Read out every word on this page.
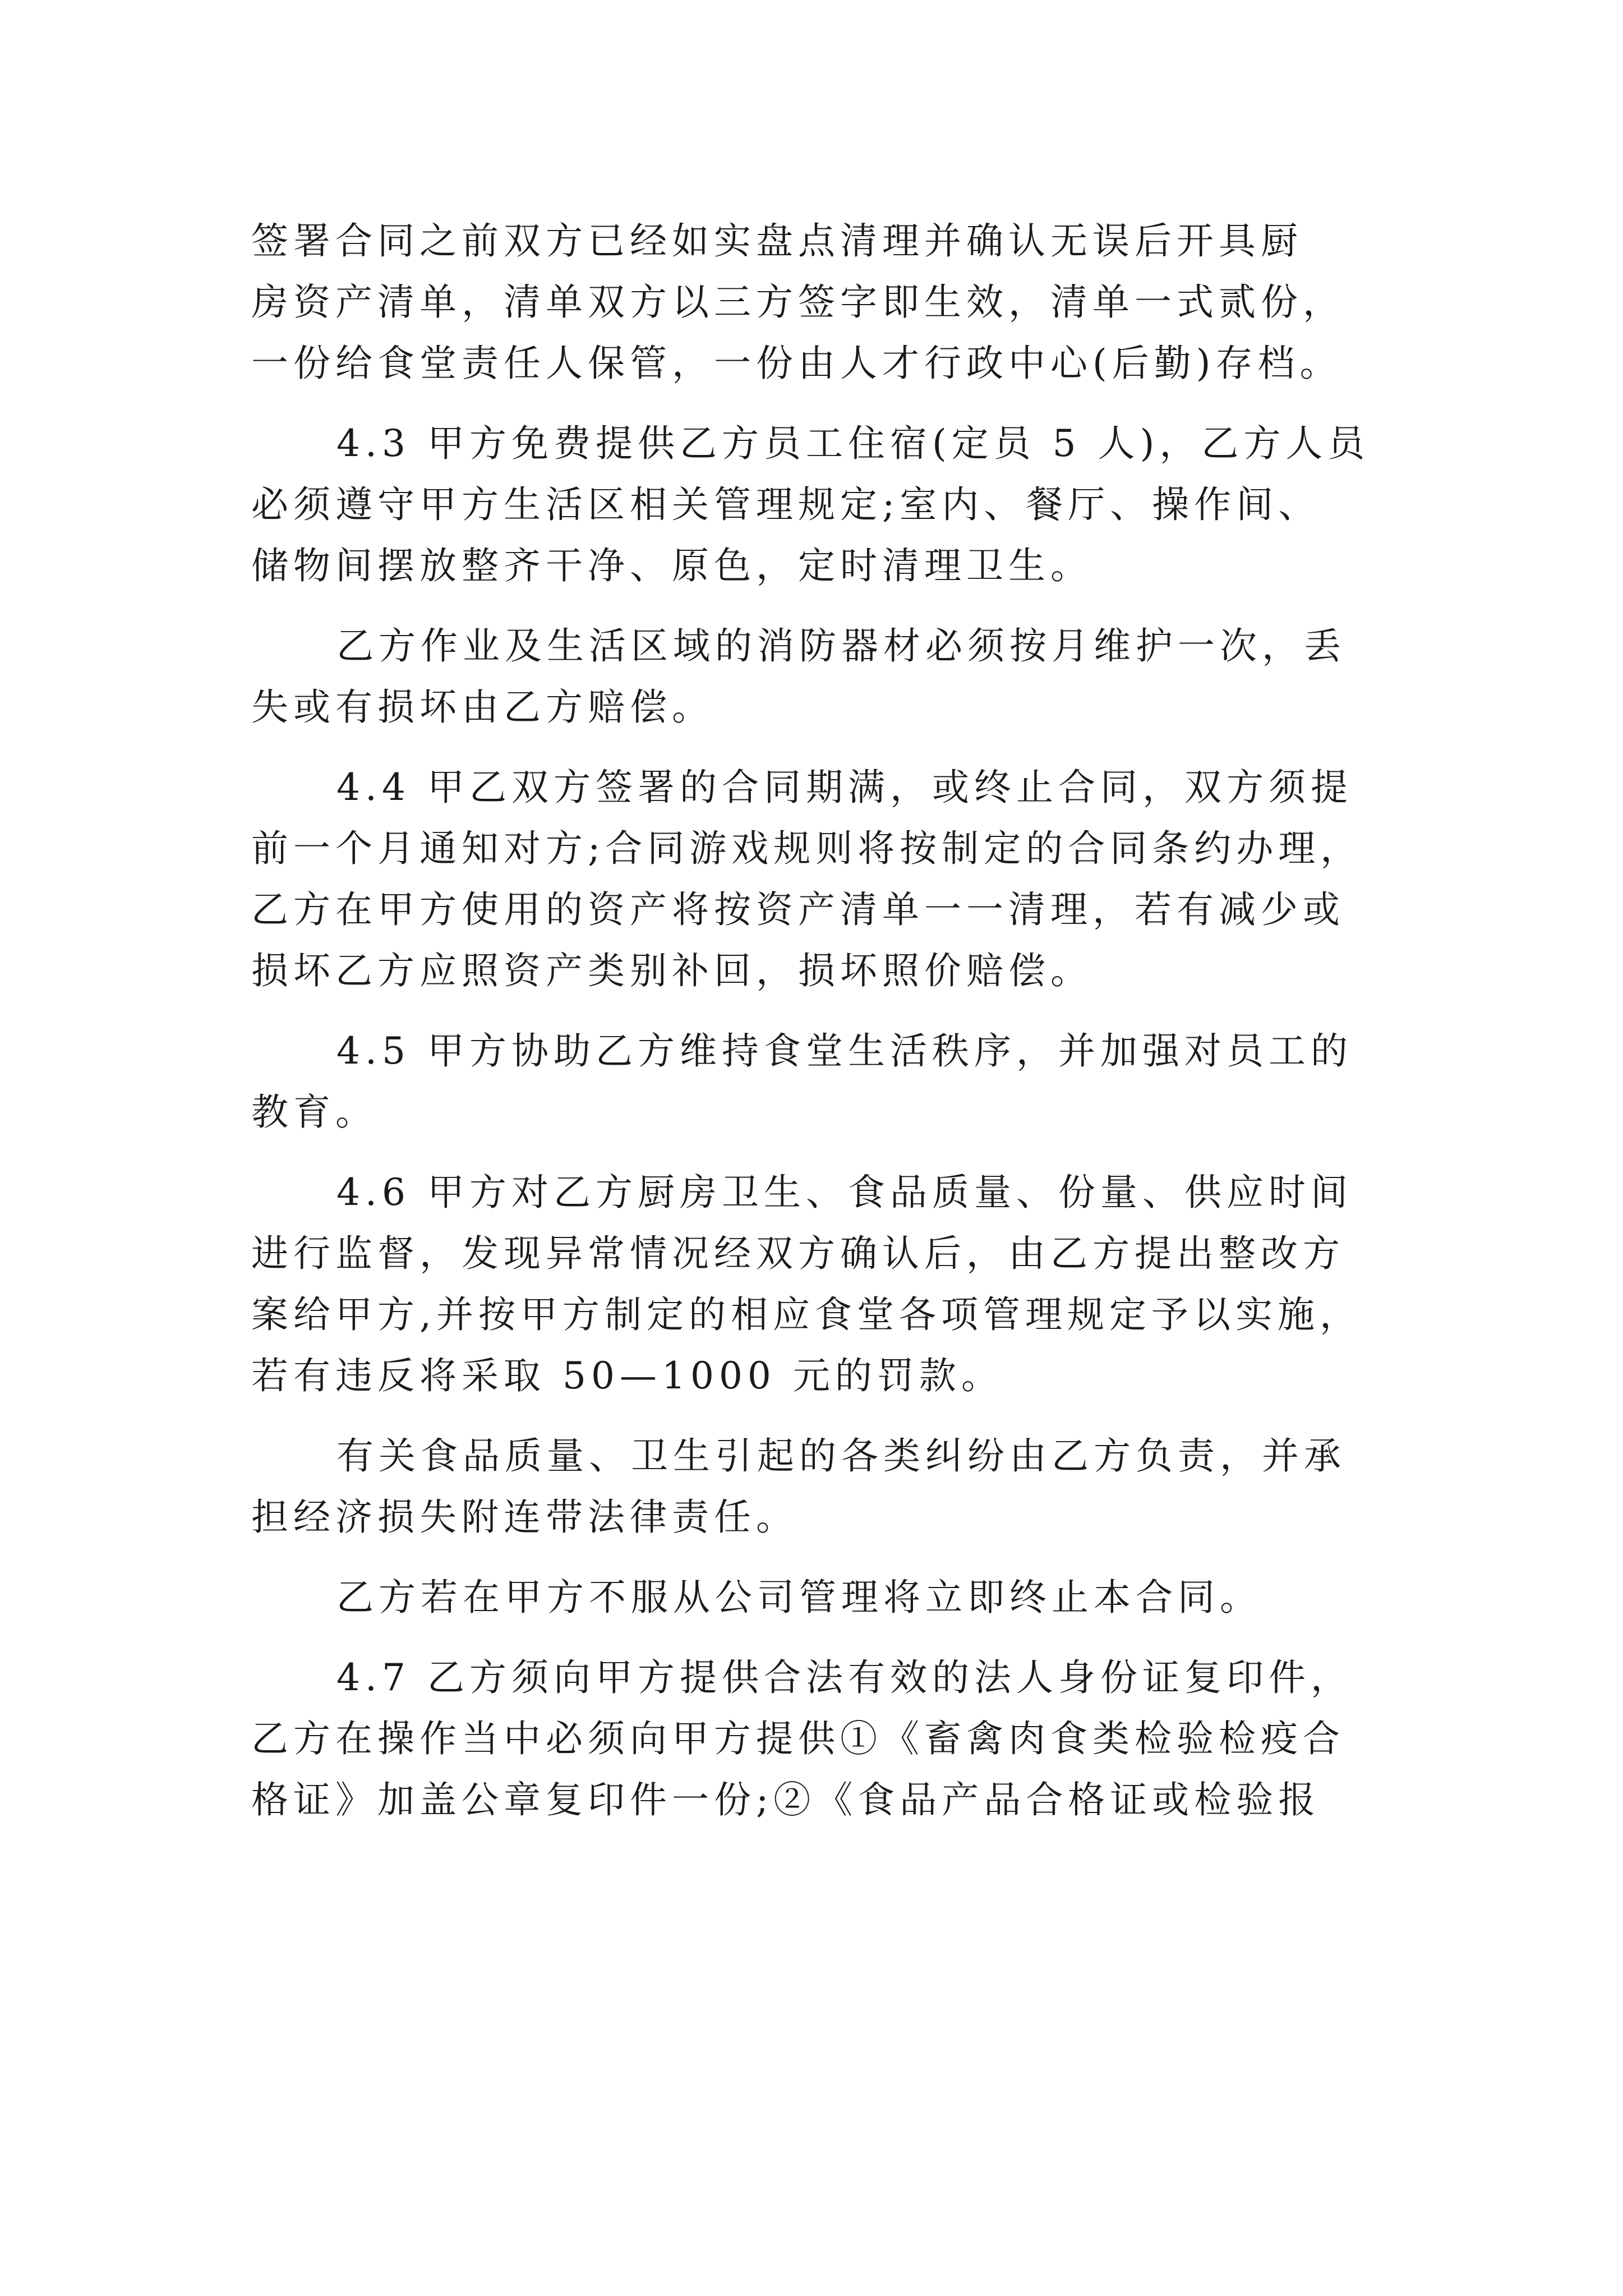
签署合同之前双方已经如实盘点清理并确认无误后开具厨

房资产清单，清单双方以三方签字即生效，清单一式贰份，

一份给食堂责任人保管，一份由人才行政中心(后勤)存档。

4.3 甲方免费提供乙方员工住宿(定员 5 人)，乙方人员

必须遵守甲方生活区相关管理规定;室内、餐厅、操作间、

储物间摆放整齐干净、原色，定时清理卫生。

乙方作业及生活区域的消防器材必须按月维护一次，丢

失或有损坏由乙方赔偿。

4.4 甲乙双方签署的合同期满，或终止合同，双方须提

前一个月通知对方;合同游戏规则将按制定的合同条约办理，

乙方在甲方使用的资产将按资产清单一一清理，若有减少或

损坏乙方应照资产类别补回，损坏照价赔偿。

4.5 甲方协助乙方维持食堂生活秩序，并加强对员工的

教育。

4.6 甲方对乙方厨房卫生、食品质量、份量、供应时间

进行监督，发现异常情况经双方确认后，由乙方提出整改方

案给甲方,并按甲方制定的相应食堂各项管理规定予以实施，

若有违反将采取 50—1000 元的罚款。

有关食品质量、卫生引起的各类纠纷由乙方负责，并承

担经济损失附连带法律责任。

乙方若在甲方不服从公司管理将立即终止本合同。

4.7 乙方须向甲方提供合法有效的法人身份证复印件，

乙方在操作当中必须向甲方提供①《畜禽肉食类检验检疫合

格证》加盖公章复印件一份;②《食品产品合格证或检验报
